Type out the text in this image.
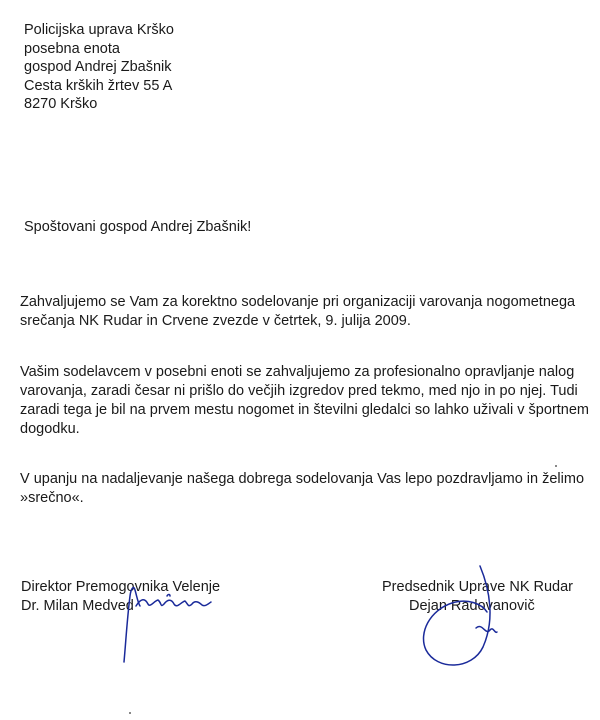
Policijska uprava Krško
posebna enota
gospod Andrej Zbašnik
Cesta krških žrtev 55 A
8270 Krško
Spoštovani gospod Andrej Zbašnik!

Zahvaljujemo se Vam za korektno sodelovanje pri organizaciji varovanja nogometnega srečanja NK Rudar in Crvene zvezde v četrtek, 9. julija 2009.

Vašim sodelavcem v posebni enoti se zahvaljujemo za profesionalno opravljanje nalog varovanja, zaradi česar ni prišlo do večjih izgredov pred tekmo, med njo in po njej. Tudi zaradi tega je bil na prvem mestu nogomet in številni gledalci so lahko uživali v športnem dogodku.

V upanju na nadaljevanje našega dobrega sodelovanja Vas lepo pozdravljamo in želimo »srečno«.

Direktor Premogovnika Velenje
Dr. Milan Medved
Predsednik Uprave NK Rudar
Dejan Radovanovič
